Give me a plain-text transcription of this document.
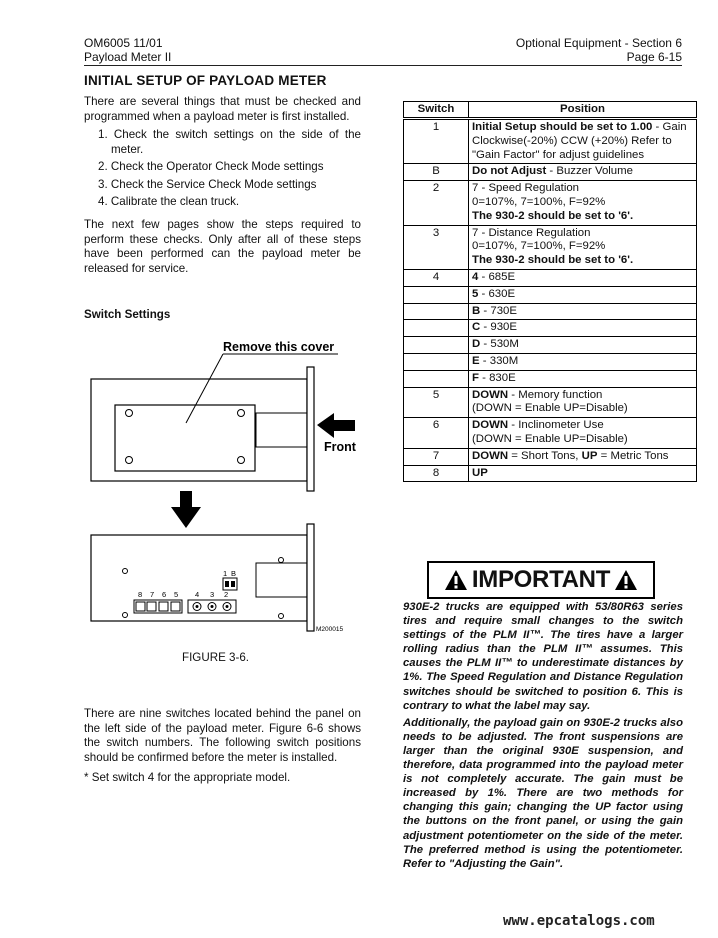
OM6005 11/01
Payload Meter II
Optional Equipment - Section 6
Page 6-15
INITIAL SETUP OF PAYLOAD METER
There are several things that must be checked and programmed when a payload meter is first installed.
1. Check the switch settings on the side of the meter.
2. Check the Operator Check Mode settings
3. Check the Service Check Mode settings
4. Calibrate the clean truck.
The next few pages show the steps required to perform these checks. Only after all of these steps have been performed can the payload meter be released for service.
Switch Settings
Remove this cover
Front
1 B
8 7 6 5 4 3 2
M200015
FIGURE 3-6.
There are nine switches located behind the panel on the left side of the payload meter. Figure 6-6 shows the switch numbers. The following switch positions should be confirmed before the meter is installed.
* Set switch 4 for the appropriate model.
Switch	Position
1	Initial Setup should be set to 1.00 - Gain Clockwise(-20%) CCW (+20%) Refer to "Gain Factor" for adjust guidelines
B	Do not Adjust - Buzzer Volume
2	7 - Speed Regulation
0=107%, 7=100%, F=92%
The 930-2 should be set to '6'.
3	7 - Distance Regulation
0=107%, 7=100%, F=92%
The 930-2 should be set to '6'.
4	4 - 685E
	5 - 630E
	B - 730E
	C - 930E
	D - 530M
	E - 330M
	F - 830E
5	DOWN - Memory function
(DOWN = Enable UP=Disable)
6	DOWN - Inclinometer Use
(DOWN = Enable UP=Disable)
7	DOWN = Short Tons, UP = Metric Tons
8	UP
IMPORTANT

930E-2 trucks are equipped with 53/80R63 series tires and require small changes to the switch settings of the PLM II™. The tires have a larger rolling radius than the PLM II™ assumes. This causes the PLM II™ to underestimate distances by 1%. The Speed Regulation and Distance Regulation switches should be switched to position 6. This is contrary to what the label may say.

Additionally, the payload gain on 930E-2 trucks also needs to be adjusted. The front suspensions are larger than the original 930E suspension, and therefore, data programmed into the payload meter is not completely accurate. The gain must be increased by 1%. There are two methods for changing this gain; changing the UP factor using the buttons on the front panel, or using the gain adjustment potentiometer on the side of the meter. The preferred method is using the potentiometer. Refer to "Adjusting the Gain".

www.epcatalogs.com
